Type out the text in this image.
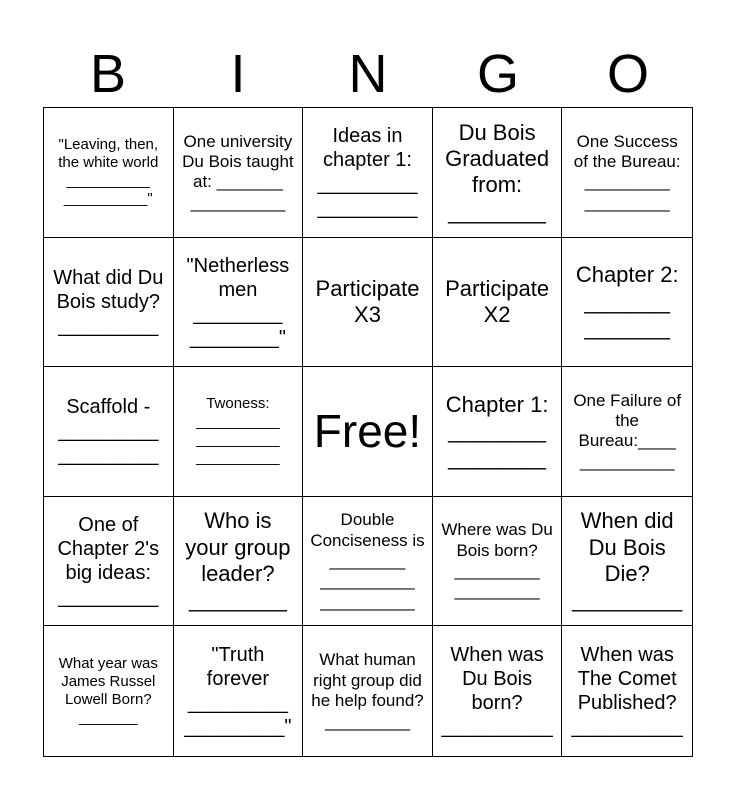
B	I	N	G	O
"Leaving, then, the white world
__________
__________"
One university Du Bois taught at: _______
__________
Ideas in chapter 1:
_________
_________
Du Bois Graduated from:
________
One Success of the Bureau:
_________
_________
What did Du Bois study?
_________
"Netherless men
________
________"
Participate X3
Participate X2
Chapter 2:
_______
_______
Scaffold -
_________
_________
Twoness:
__________
__________
__________
Free!
Chapter 1:
________
________
One Failure of the Bureau:____
__________
One of Chapter 2's big ideas:
_________
Who is your group leader?
________
Double Conciseness is ________
__________
__________
Where was Du Bois born?
_________
_________
When did Du Bois Die?
_________
What year was James Russel Lowell Born?
_______
"Truth forever
_________
_________"
What human right group did he help found?
_________
When was Du Bois born?
__________
When was The Comet Published?
__________
